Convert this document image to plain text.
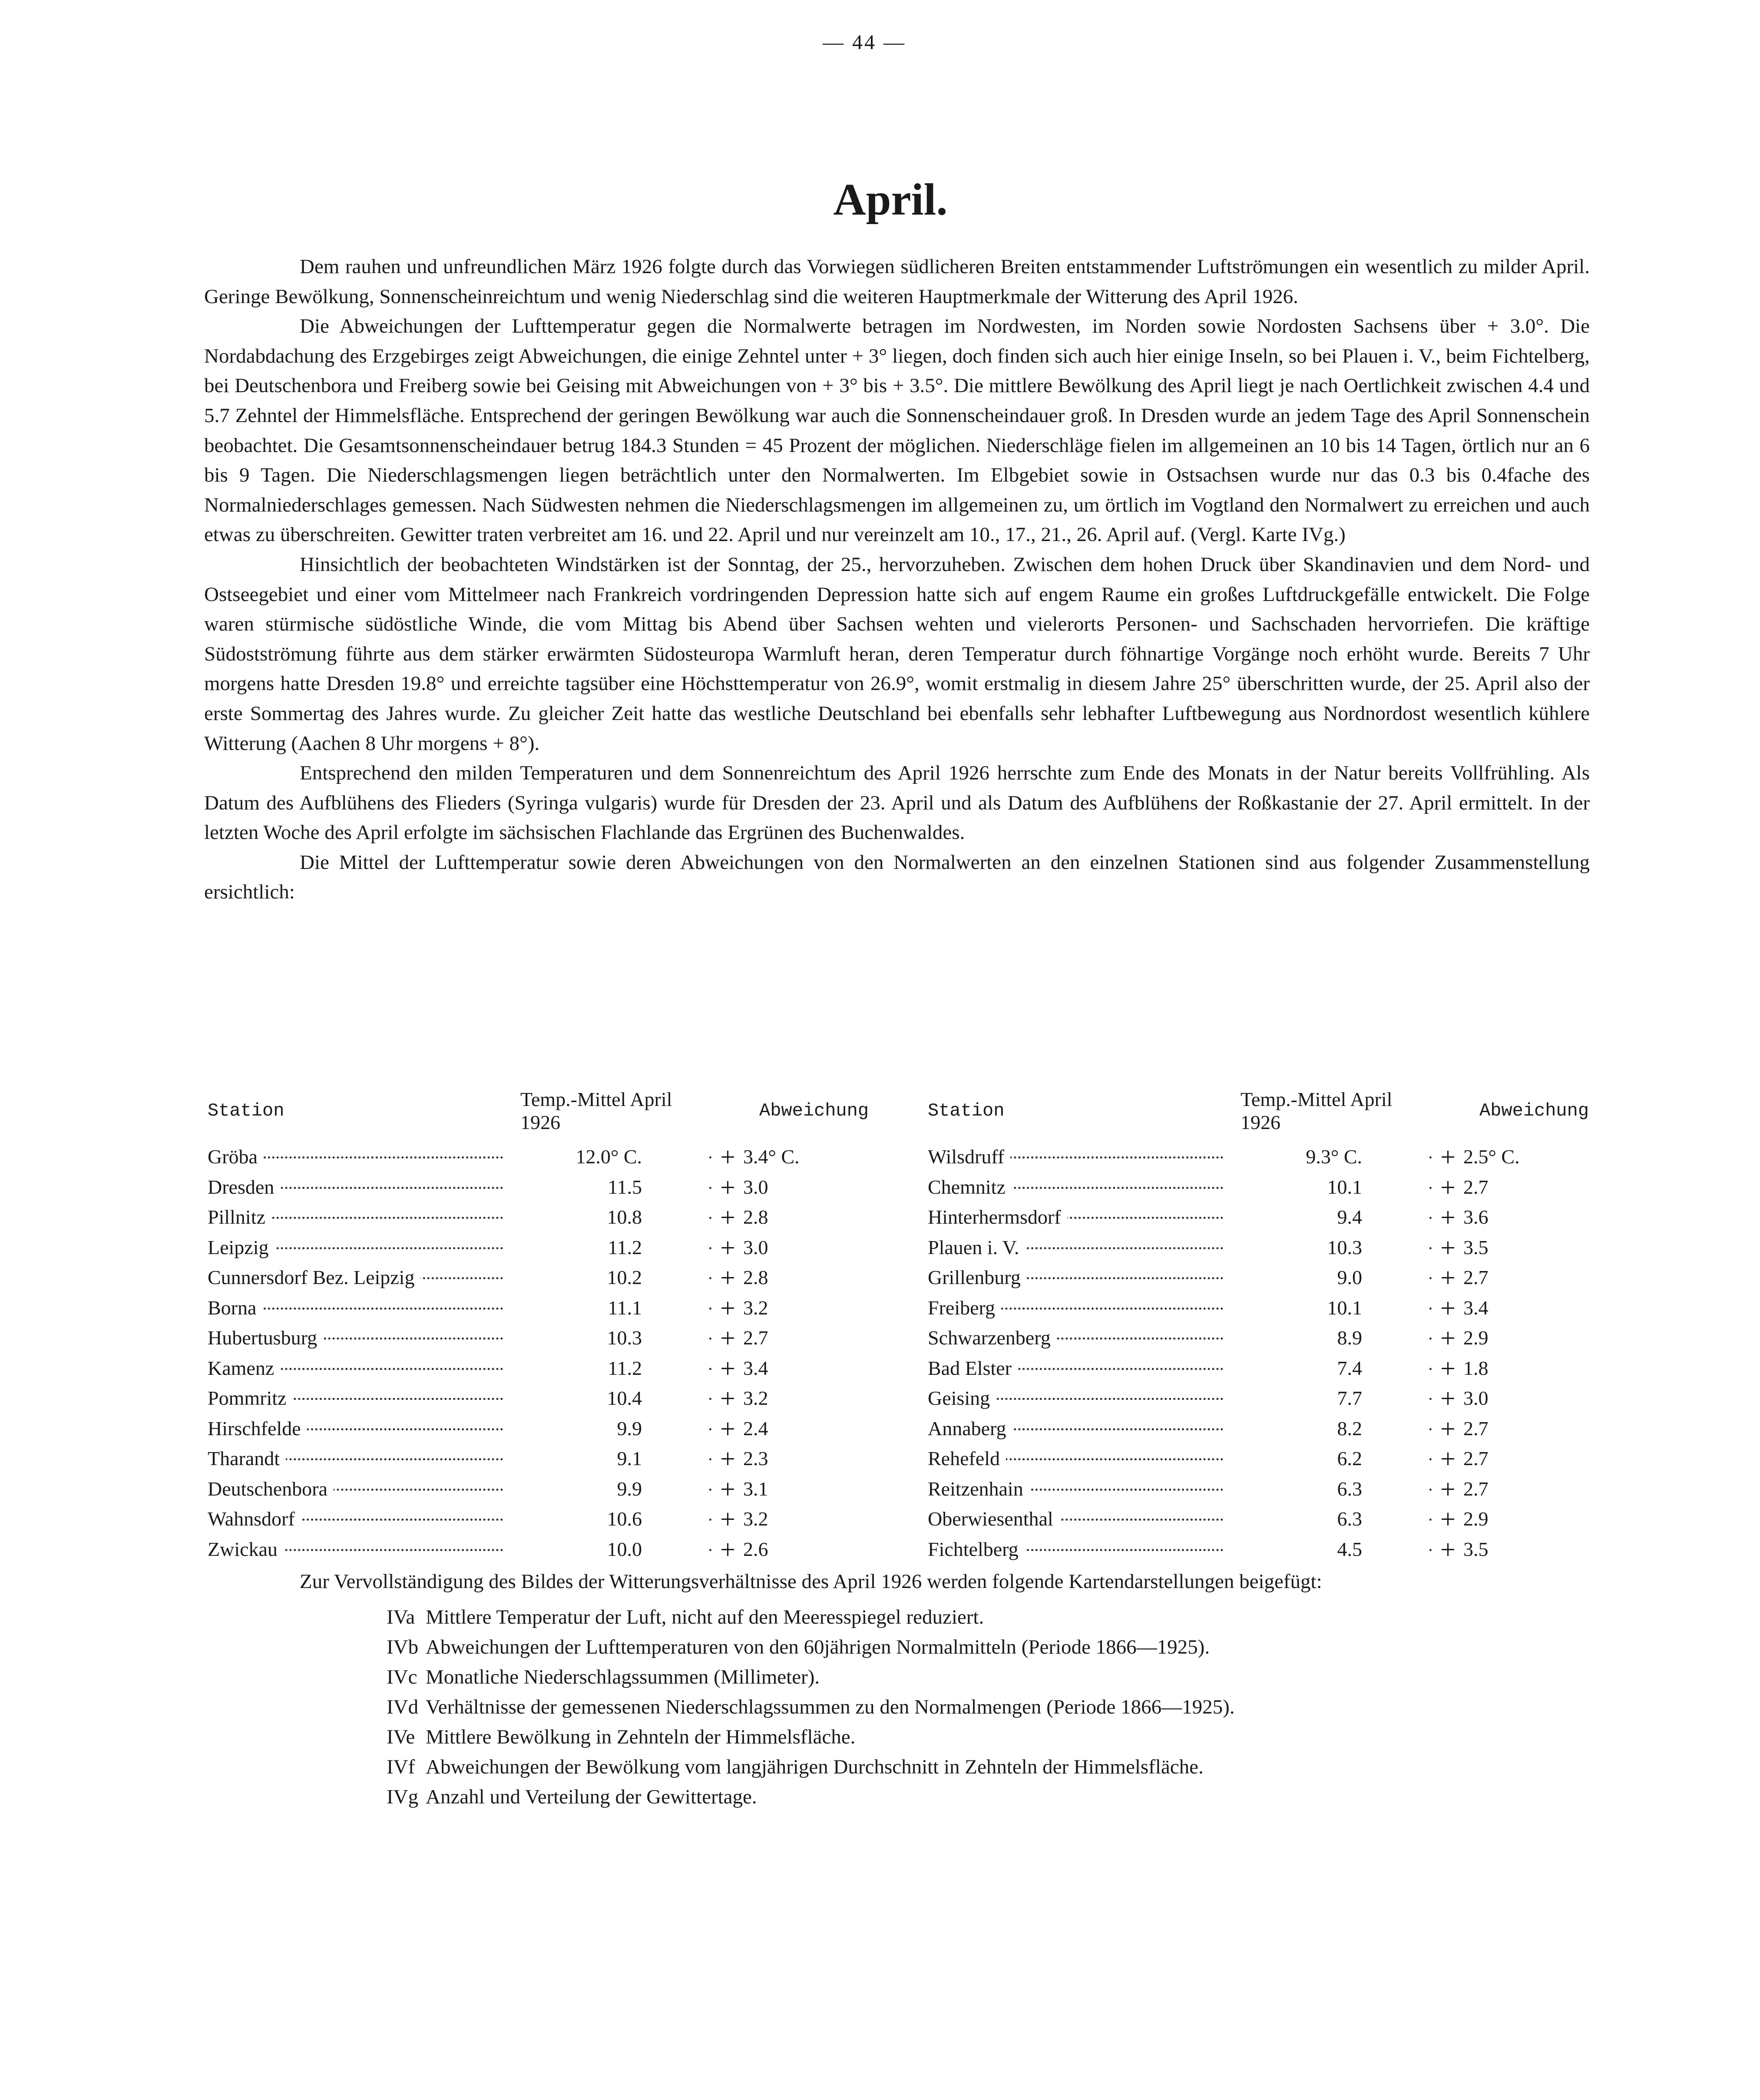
— 44 —
April.

Dem rauhen und unfreundlichen März 1926 folgte durch das Vorwiegen südlicheren Breiten entstammender Luftströmungen ein wesentlich zu milder April. Geringe Bewölkung, Sonnenscheinreichtum und wenig Niederschlag sind die weiteren Hauptmerkmale der Witterung des April 1926.

Die Abweichungen der Lufttemperatur gegen die Normalwerte betragen im Nordwesten, im Norden sowie Nordosten Sachsens über + 3.0°. Die Nordabdachung des Erzgebirges zeigt Abweichungen, die einige Zehntel unter + 3° liegen, doch finden sich auch hier einige Inseln, so bei Plauen i. V., beim Fichtelberg, bei Deutschenbora und Freiberg sowie bei Geising mit Abweichungen von + 3° bis + 3.5°. Die mittlere Bewölkung des April liegt je nach Oertlichkeit zwischen 4.4 und 5.7 Zehntel der Himmelsfläche. Entsprechend der geringen Bewölkung war auch die Sonnenscheindauer groß. In Dresden wurde an jedem Tage des April Sonnenschein beobachtet. Die Gesamtsonnenscheindauer betrug 184.3 Stunden = 45 Prozent der möglichen. Niederschläge fielen im allgemeinen an 10 bis 14 Tagen, örtlich nur an 6 bis 9 Tagen. Die Niederschlagsmengen liegen beträchtlich unter den Normalwerten. Im Elbgebiet sowie in Ostsachsen wurde nur das 0.3 bis 0.4fache des Normalniederschlages gemessen. Nach Südwesten nehmen die Niederschlagsmengen im allgemeinen zu, um örtlich im Vogtland den Normalwert zu erreichen und auch etwas zu überschreiten. Gewitter traten verbreitet am 16. und 22. April und nur vereinzelt am 10., 17., 21., 26. April auf. (Vergl. Karte IVg.)

Hinsichtlich der beobachteten Windstärken ist der Sonntag, der 25., hervorzuheben. Zwischen dem hohen Druck über Skandinavien und dem Nord- und Ostseegebiet und einer vom Mittelmeer nach Frankreich vordringenden Depression hatte sich auf engem Raume ein großes Luftdruckgefälle entwickelt. Die Folge waren stürmische südöstliche Winde, die vom Mittag bis Abend über Sachsen wehten und vielerorts Personen- und Sachschaden hervorriefen. Die kräftige Südostströmung führte aus dem stärker erwärmten Südosteuropa Warmluft heran, deren Temperatur durch föhnartige Vorgänge noch erhöht wurde. Bereits 7 Uhr morgens hatte Dresden 19.8° und erreichte tagsüber eine Höchsttemperatur von 26.9°, womit erstmalig in diesem Jahre 25° überschritten wurde, der 25. April also der erste Sommertag des Jahres wurde. Zu gleicher Zeit hatte das westliche Deutschland bei ebenfalls sehr lebhafter Luftbewegung aus Nordnordost wesentlich kühlere Witterung (Aachen 8 Uhr morgens + 8°).

Entsprechend den milden Temperaturen und dem Sonnenreichtum des April 1926 herrschte zum Ende des Monats in der Natur bereits Vollfrühling. Als Datum des Aufblühens des Flieders (Syringa vulgaris) wurde für Dresden der 23. April und als Datum des Aufblühens der Roßkastanie der 27. April ermittelt. In der letzten Woche des April erfolgte im sächsischen Flachlande das Ergrünen des Buchenwaldes.

Die Mittel der Lufttemperatur sowie deren Abweichungen von den Normalwerten an den einzelnen Stationen sind aus folgender Zusammenstellung ersichtlich:

Station	Temp.-Mittel April 1926	Abweichung

Gröba	12.0° C.	+ 3.4° C.

Dresden	11.5	+ 3.0

Pillnitz	10.8	+ 2.8

Leipzig	11.2	+ 3.0

Cunnersdorf Bez. Leipzig	10.2	+ 2.8

Borna	11.1	+ 3.2

Hubertusburg	10.3	+ 2.7

Kamenz	11.2	+ 3.4

Pommritz	10.4	+ 3.2

Hirschfelde	9.9	+ 2.4

Tharandt	9.1	+ 2.3

Deutschenbora	9.9	+ 3.1

Wahnsdorf	10.6	+ 3.2

Zwickau	10.0	+ 2.6
Station	Temp.-Mittel April 1926	Abweichung

Wilsdruff	9.3° C.	+ 2.5° C.

Chemnitz	10.1	+ 2.7

Hinterhermsdorf	9.4	+ 3.6

Plauen i. V.	10.3	+ 3.5

Grillenburg	9.0	+ 2.7

Freiberg	10.1	+ 3.4

Schwarzenberg	8.9	+ 2.9

Bad Elster	7.4	+ 1.8

Geising	7.7	+ 3.0

Annaberg	8.2	+ 2.7

Rehefeld	6.2	+ 2.7

Reitzenhain	6.3	+ 2.7

Oberwiesenthal	6.3	+ 2.9

Fichtelberg	4.5	+ 3.5

Zur Vervollständigung des Bildes der Witterungsverhältnisse des April 1926 werden folgende Kartendarstellungen beigefügt:

IVa Mittlere Temperatur der Luft, nicht auf den Meeresspiegel reduziert.
IVb Abweichungen der Lufttemperaturen von den 60jährigen Normalmitteln (Periode 1866—1925).
IVc Monatliche Niederschlagssummen (Millimeter).
IVd Verhältnisse der gemessenen Niederschlagssummen zu den Normalmengen (Periode 1866—1925).
IVe Mittlere Bewölkung in Zehnteln der Himmelsfläche.
IVf Abweichungen der Bewölkung vom langjährigen Durchschnitt in Zehnteln der Himmelsfläche.
IVg Anzahl und Verteilung der Gewittertage.
